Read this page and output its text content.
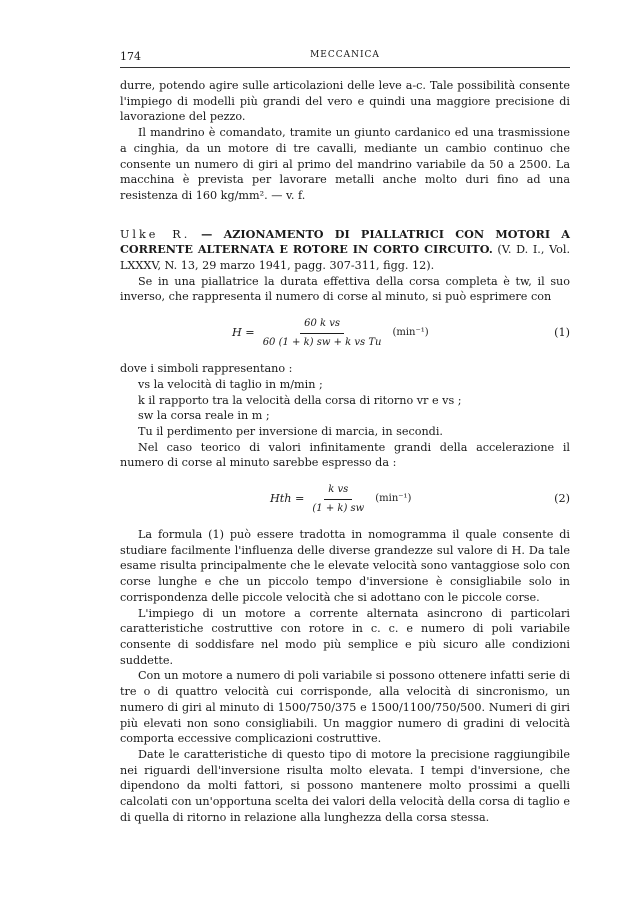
174	MECCANICA

durre, potendo agire sulle articolazioni delle leve a-c. Tale possibilità consente l'impiego di modelli più grandi del vero e quindi una maggiore precisione di lavorazione del pezzo.

Il mandrino è comandato, tramite un giunto cardanico ed una trasmissione a cinghia, da un motore di tre cavalli, mediante un cambio continuo che consente un numero di giri al primo del mandrino variabile da 50 a 2500. La macchina è prevista per lavorare metalli anche molto duri fino ad una resistenza di 160 kg/mm². — v. f.

Ulke R. — AZIONAMENTO DI PIALLATRICI CON MOTORI A CORRENTE ALTERNATA E ROTORE IN CORTO CIRCUITO. (V. D. I., Vol. LXXXV, N. 13, 29 marzo 1941, pagg. 307-311, figg. 12).

Se in una piallatrice la durata effettiva della corsa completa è tw, il suo inverso, che rappresenta il numero di corse al minuto, si può esprimere con

$H = \frac{\text{60 k vs}}{\text{60 (1 + k) sw + k vs Tu}} (\min^{-1})$	(1)

dove i simboli rappresentano :

vs la velocità di taglio in m/min ;
k il rapporto tra la velocità della corsa di ritorno vr e vs ;
sw la corsa reale in m ;
Tu il perdimento per inversione di marcia, in secondi.

Nel caso teorico di valori infinitamente grandi della accelerazione il numero di corse al minuto sarebbe espresso da :

Hth = $\frac{\text{k vs}}{(1 + k) sw} (\min^{-1})$	(2)

La formula (1) può essere tradotta in nomogramma il quale consente di studiare facilmente l'influenza delle diverse grandezze sul valore di H. Da tale esame risulta principalmente che le elevate velocità sono vantaggiose solo con corse lunghe e che un piccolo tempo d'inversione è consigliabile solo in corrispondenza delle piccole velocità che si adottano con le piccole corse.

L'impiego di un motore a corrente alternata asincrono di particolari caratteristiche costruttive con rotore in c. c. e numero di poli variabile consente di soddisfare nel modo più semplice e più sicuro alle condizioni suddette.

Con un motore a numero di poli variabile si possono ottenere infatti serie di tre o di quattro velocità cui corrisponde, alla velocità di sincronismo, un numero di giri al minuto di 1500/750/375 e 1500/1100/750/500. Numeri di giri più elevati non sono consigliabili. Un maggior numero di gradini di velocità comporta eccessive complicazioni costruttive.

Date le caratteristiche di questo tipo di motore la precisione raggiungibile nei riguardi dell'inversione risulta molto elevata. I tempi d'inversione, che dipendono da molti fattori, si possono mantenere molto prossimi a quelli calcolati con un'opportuna scelta dei valori della velocità della corsa di taglio e di quella di ritorno in relazione alla lunghezza della corsa stessa.
